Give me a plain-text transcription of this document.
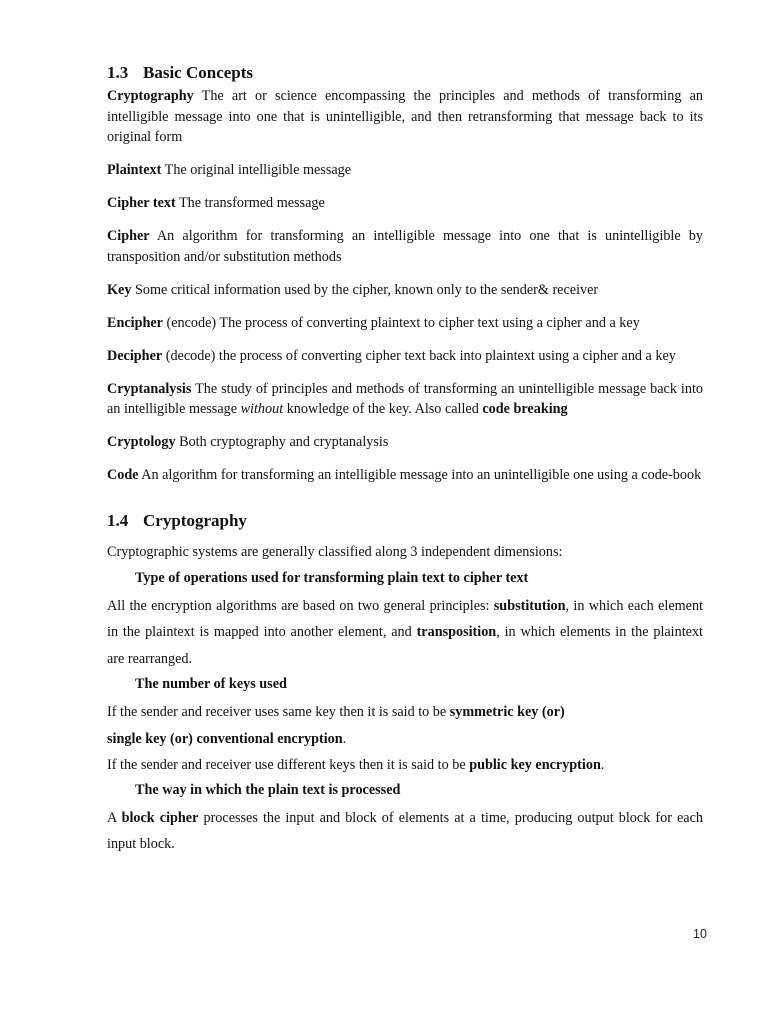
1.3 Basic Concepts

Cryptography The art or science encompassing the principles and methods of transforming an intelligible message into one that is unintelligible, and then retransforming that message back to its original form

Plaintext The original intelligible message

Cipher text The transformed message

Cipher An algorithm for transforming an intelligible message into one that is unintelligible by transposition and/or substitution methods

Key Some critical information used by the cipher, known only to the sender& receiver

Encipher (encode) The process of converting plaintext to cipher text using a cipher and a key

Decipher (decode) the process of converting cipher text back into plaintext using a cipher and a key

Cryptanalysis The study of principles and methods of transforming an unintelligible message back into an intelligible message without knowledge of the key. Also called code breaking

Cryptology Both cryptography and cryptanalysis

Code An algorithm for transforming an intelligible message into an unintelligible one using a code-book

1.4 Cryptography

Cryptographic systems are generally classified along 3 independent dimensions:

Type of operations used for transforming plain text to cipher text

All the encryption algorithms are based on two general principles: substitution, in which each element in the plaintext is mapped into another element, and transposition, in which elements in the plaintext are rearranged.

The number of keys used

If the sender and receiver uses same key then it is said to be symmetric key (or)

single key (or) conventional encryption.

If the sender and receiver use different keys then it is said to be public key encryption.

The way in which the plain text is processed

A block cipher processes the input and block of elements at a time, producing output block for each input block.

10
